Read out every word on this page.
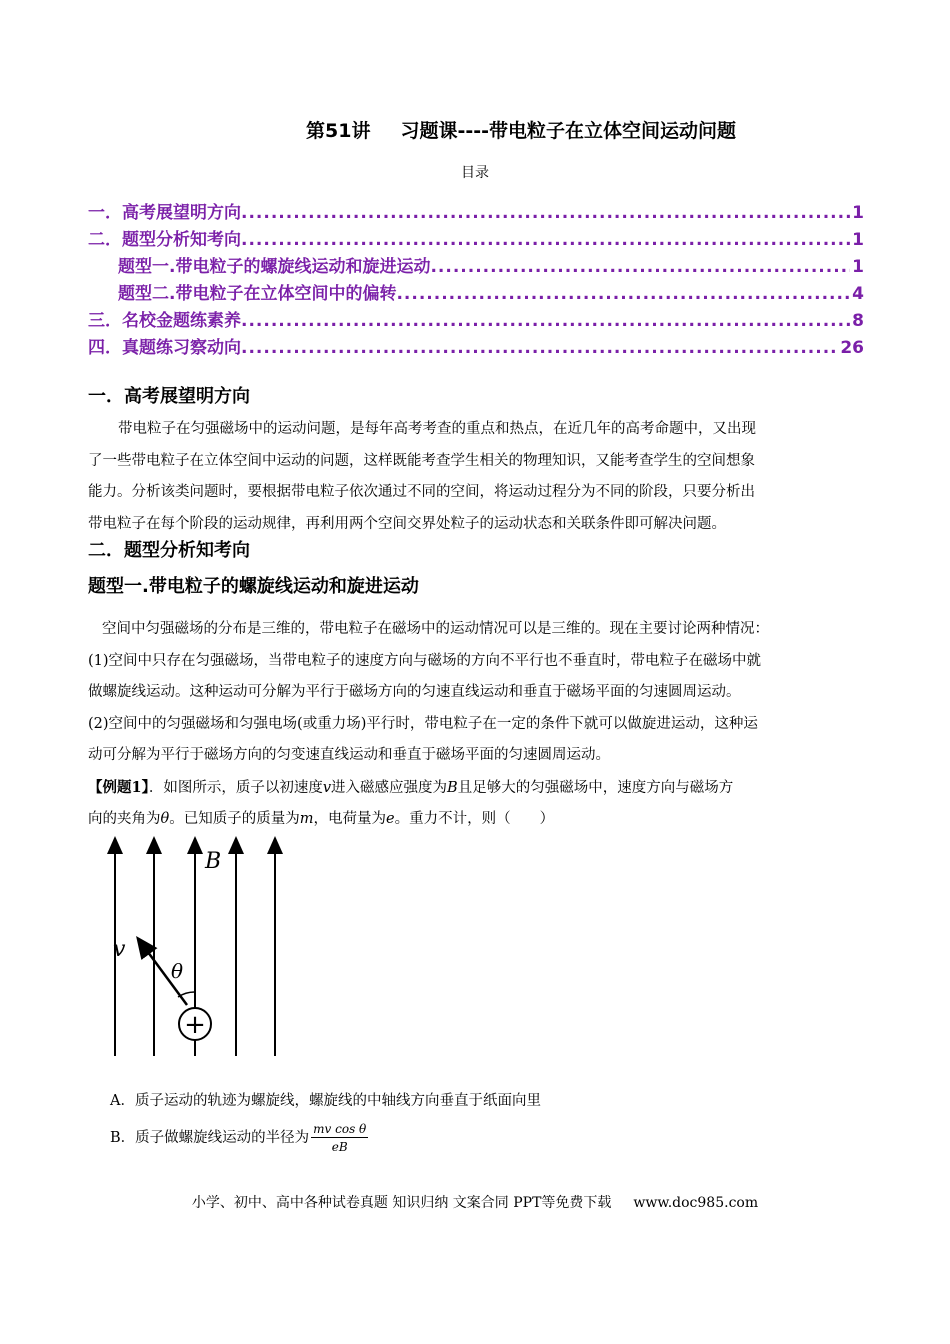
第51讲 习题课----带电粒子在立体空间运动问题
目录
一．高考展望明方向 .....	1
二．题型分析知考向 .....	1
题型一.带电粒子的螺旋线运动和旋进运动 .....	1
题型二.带电粒子在立体空间中的偏转 .....	4
三．名校金题练素养 .....	8
四．真题练习察动向 .....	26
一．高考展望明方向
带电粒子在匀强磁场中的运动问题，是每年高考考查的重点和热点，在近几年的高考命题中，又出现
了一些带电粒子在立体空间中运动的问题，这样既能考查学生相关的物理知识，又能考查学生的空间想象
能力。分析该类问题时，要根据带电粒子依次通过不同的空间，将运动过程分为不同的阶段，只要分析出
带电粒子在每个阶段的运动规律，再利用两个空间交界处粒子的运动状态和关联条件即可解决问题。
二．题型分析知考向
题型一.带电粒子的螺旋线运动和旋进运动
空间中匀强磁场的分布是三维的，带电粒子在磁场中的运动情况可以是三维的。现在主要讨论两种情况：
(1)空间中只存在匀强磁场，当带电粒子的速度方向与磁场的方向不平行也不垂直时，带电粒子在磁场中就
做螺旋线运动。这种运动可分解为平行于磁场方向的匀速直线运动和垂直于磁场平面的匀速圆周运动。
(2)空间中的匀强磁场和匀强电场(或重力场)平行时，带电粒子在一定的条件下就可以做旋进运动，这种运
动可分解为平行于磁场方向的匀变速直线运动和垂直于磁场平面的匀速圆周运动。
【例题1】．如图所示，质子以初速度v进入磁感应强度为B且足够大的匀强磁场中，速度方向与磁场方
向的夹角为θ。已知质子的质量为m，电荷量为e。重力不计，则（　　）
B
v
θ
+
A．质子运动的轨迹为螺旋线，螺旋线的中轴线方向垂直于纸面向里
B．质子做螺旋线运动的半径为 $\frac{\text{mv cos θ}}{eB}$
小学、初中、高中各种试卷真题 知识归纳 文案合同 PPT等免费下载 www.doc985.com
